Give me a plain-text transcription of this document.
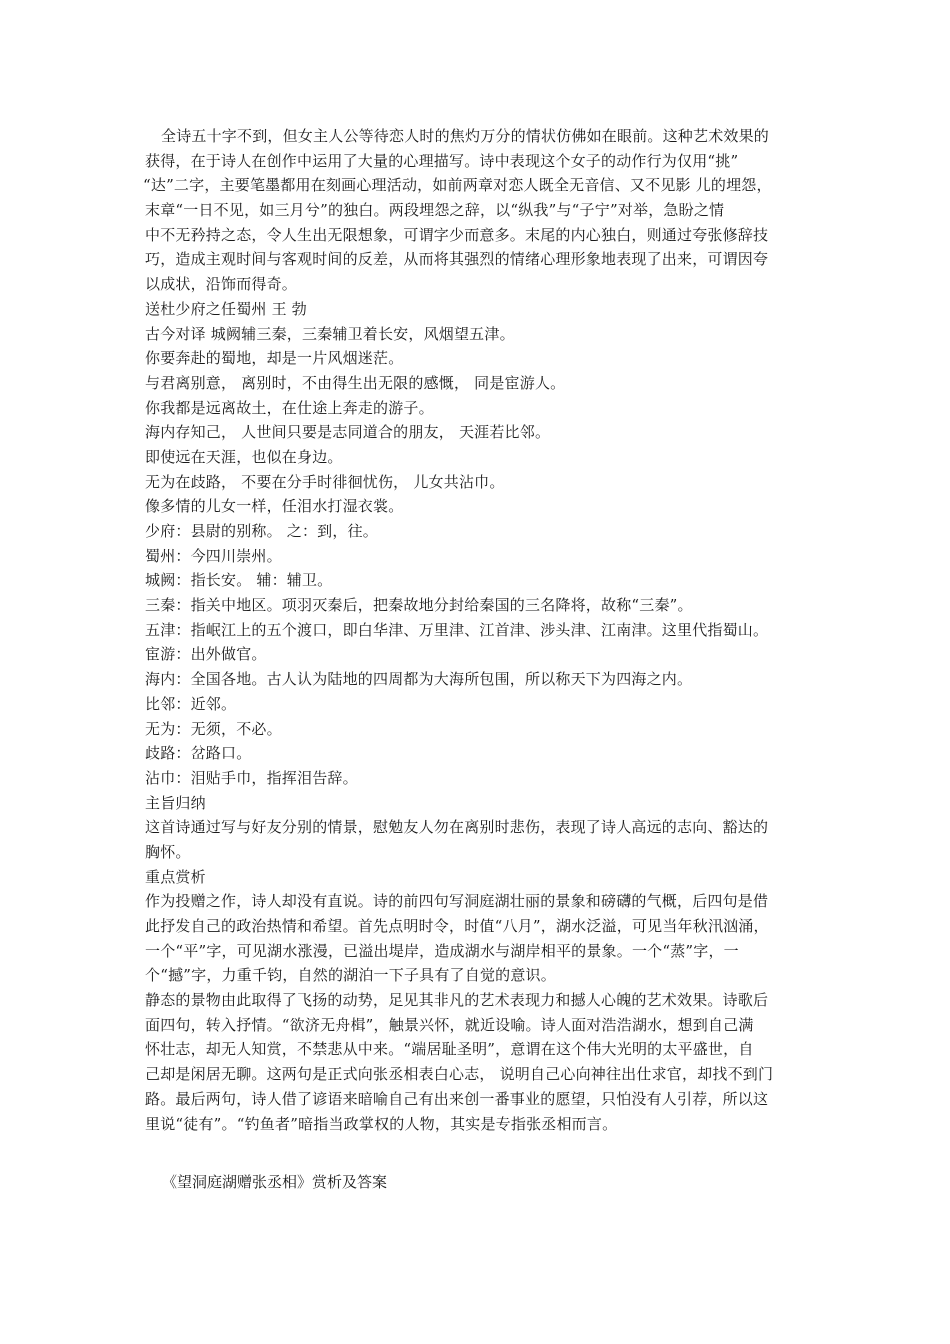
全诗五十字不到，但女主人公等待恋人时的焦灼万分的情状仿佛如在眼前。这种艺术效果的
获得，在于诗人在创作中运用了大量的心理描写。诗中表现这个女子的动作行为仅用“挑”
“达”二字，主要笔墨都用在刻画心理活动，如前两章对恋人既全无音信、又不见影 儿的埋怨，
末章“一日不见，如三月兮”的独白。两段埋怨之辞，以“纵我”与“子宁”对举，急盼之情
中不无矜持之态，令人生出无限想象，可谓字少而意多。末尾的内心独白，则通过夸张修辞技
巧，造成主观时间与客观时间的反差，从而将其强烈的情绪心理形象地表现了出来，可谓因夸
以成状，沿饰而得奇。
送杜少府之任蜀州 王 勃
古今对译 城阙辅三秦，三秦辅卫着长安，风烟望五津。
你要奔赴的蜀地，却是一片风烟迷茫。
与君离别意， 离别时，不由得生出无限的感慨， 同是宦游人。
你我都是远离故土，在仕途上奔走的游子。
海内存知己， 人世间只要是志同道合的朋友， 天涯若比邻。
即使远在天涯，也似在身边。
无为在歧路， 不要在分手时徘徊忧伤， 儿女共沾巾。
像多情的儿女一样，任泪水打湿衣裳。
少府：县尉的别称。 之：到，往。
蜀州：今四川崇州。
城阙：指长安。 辅：辅卫。
三秦：指关中地区。项羽灭秦后，把秦故地分封给秦国的三名降将，故称“三秦”。
五津：指岷江上的五个渡口，即白华津、万里津、江首津、涉头津、江南津。这里代指蜀山。
宦游：出外做官。
海内：全国各地。古人认为陆地的四周都为大海所包围，所以称天下为四海之内。
比邻：近邻。
无为：无须，不必。
歧路：岔路口。
沾巾：泪贴手巾，指挥泪告辞。
主旨归纳
这首诗通过写与好友分别的情景，慰勉友人勿在离别时悲伤，表现了诗人高远的志向、豁达的
胸怀。
重点赏析
作为投赠之作，诗人却没有直说。诗的前四句写洞庭湖壮丽的景象和磅礴的气概，后四句是借
此抒发自己的政治热情和希望。首先点明时令，时值“八月”，湖水泛溢，可见当年秋汛汹涌，
一个“平”字，可见湖水涨漫，已溢出堤岸，造成湖水与湖岸相平的景象。一个“蒸”字，一
个“撼”字，力重千钧，自然的湖泊一下子具有了自觉的意识。
静态的景物由此取得了飞扬的动势，足见其非凡的艺术表现力和撼人心魄的艺术效果。诗歌后
面四句，转入抒情。“欲济无舟楫”，触景兴怀，就近设喻。诗人面对浩浩湖水，想到自己满
怀壮志，却无人知赏，不禁悲从中来。“端居耻圣明”，意谓在这个伟大光明的太平盛世，自
己却是闲居无聊。这两句是正式向张丞相表白心志， 说明自己心向神往出仕求官，却找不到门
路。最后两句，诗人借了谚语来暗喻自己有出来创一番事业的愿望，只怕没有人引荐，所以这
里说“徒有”。“钓鱼者”暗指当政掌权的人物，其实是专指张丞相而言。
《望洞庭湖赠张丞相》赏析及答案
